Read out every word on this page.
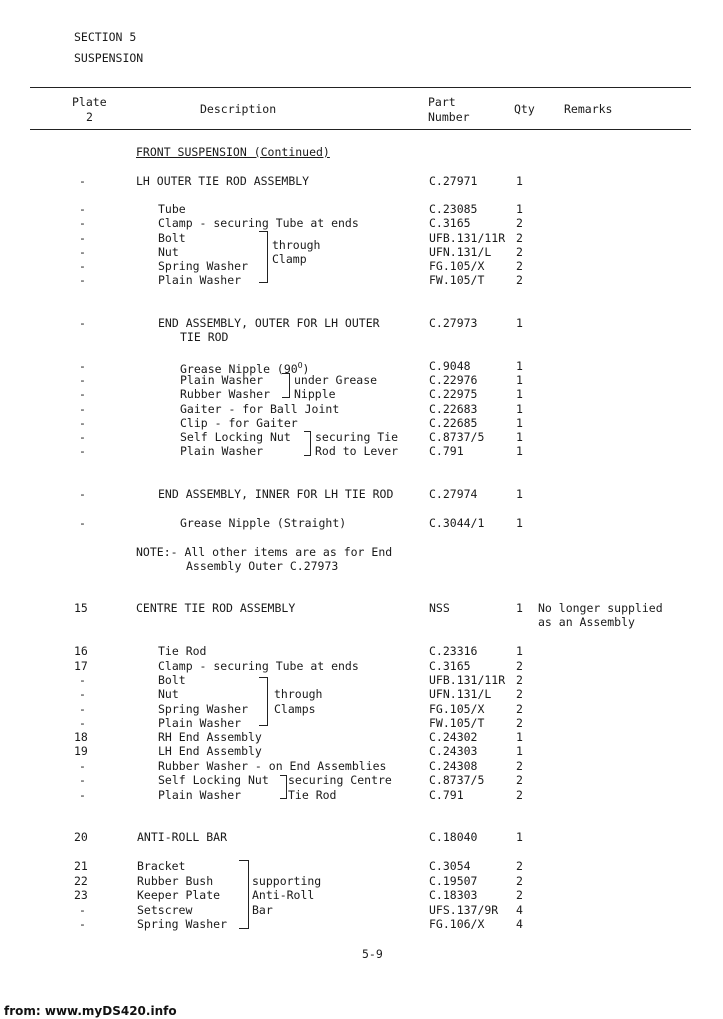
SECTION 5
SUSPENSION
Plate
2
Description	Part
Number
Qty	Remarks
FRONT SUSPENSION (Continued)
-	LH OUTER TIE ROD ASSEMBLY	C.27971	1
-	Tube	C.23085	1
-	Clamp - securing Tube at ends	C.3165	2
-	Bolt	UFB.131/11R 2
-	Nut	UFN.131/L 2
-	Spring Washer	FG.105/X	2
-	Plain Washer	FW.105/T	2
-	END ASSEMBLY, OUTER FOR LH OUTER
TIE ROD
C.27973	1
-	Grease Nipple $(90^O)$	C.9048	1
-	Plain Washer	C.22976	1
-	Rubber Washer	C.22975	1
-	Gaiter - for Ball Joint	C.22683	1
-	Clip - for Gaiter	C.22685	1
-	Self Locking Nut	C.8737/5	1
-	Plain Washer	C.791	1
-	END ASSEMBLY, INNER FOR LH TIE ROD	C.27974	1
-	Grease Nipple (Straight)	C.3044/1	1
15	CENTRE TIE ROD ASSEMBLY	NSS	1 No longer supplied
as an Assembly
16	Tie Rod	C.23316	1
17	Clamp - securing Tube at ends	C.3165	2
-	Bolt	UFB.131/11R 2
-	Nut	UFN.131/L 2
-	Spring Washer	FG.105/X	2
-	Plain Washer	FW.105/T	2
18	RH End Assembly	C.24302	1
19	LH End Assembly	C.24303	1
-	Rubber Washer - on End Assemblies	C.24308	2
-	Self Locking Nut	C.8737/5	2
-	Plain Washer	C.791	2
20	ANTI-ROLL BAR	C.18040	1
21	Bracket	C.3054	2
22	Rubber Bush	C.19507	2
23	Keeper Plate	C.18303	2
-	Setscrew	UFS.137/9R 4
-	Spring Washer	FG.106/X	4
through
Clamp
under Grease
Nipple
securing Tie
Rod to Lever
through
Clamps
securing Centre
Tie Rod
supporting
Anti-Roll
Bar
NOTE:- All other items are as for End
Assembly Outer C.27973
5-9
from: www.myDS420.info
